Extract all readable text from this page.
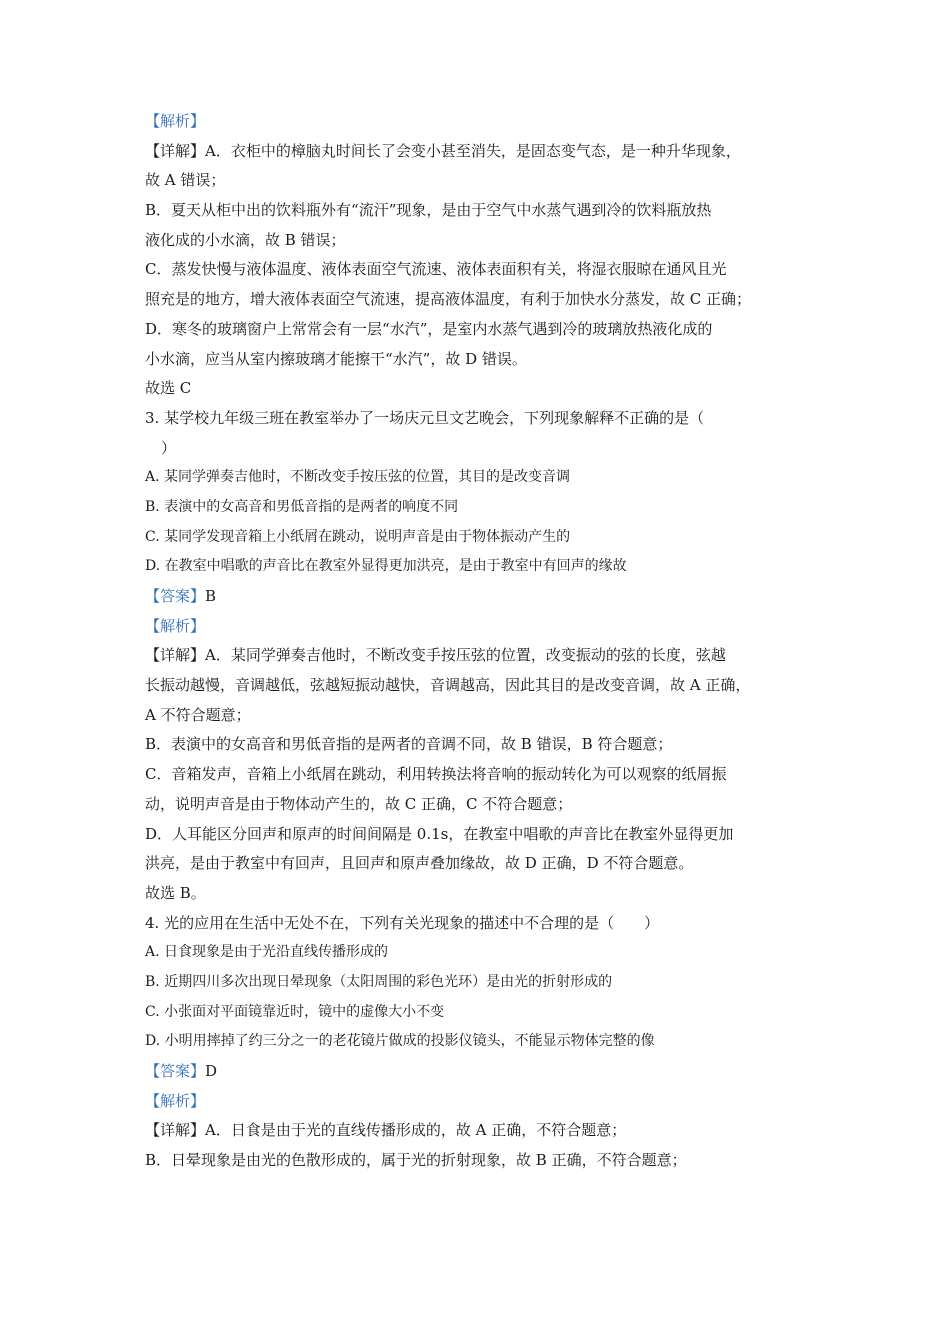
【解析】
【详解】A．衣柜中的樟脑丸时间长了会变小甚至消失，是固态变气态，是一种升华现象，
故 A 错误；
B．夏天从柜中出的饮料瓶外有“流汗”现象，是由于空气中水蒸气遇到冷的饮料瓶放热
液化成的小水滴，故 B 错误；
C．蒸发快慢与液体温度、液体表面空气流速、液体表面积有关，将湿衣服晾在通风且光
照充是的地方，增大液体表面空气流速，提高液体温度，有利于加快水分蒸发，故 C 正确；
D．寒冬的玻璃窗户上常常会有一层“水汽”，是室内水蒸气遇到冷的玻璃放热液化成的
小水滴，应当从室内擦玻璃才能擦干“水汽”，故 D 错误。
故选 C
3. 某学校九年级三班在教室举办了一场庆元旦文艺晚会，下列现象解释不正确的是（
）
A. 某同学弹奏吉他时，不断改变手按压弦的位置，其目的是改变音调
B. 表演中的女高音和男低音指的是两者的响度不同
C. 某同学发现音箱上小纸屑在跳动，说明声音是由于物体振动产生的
D. 在教室中唱歌的声音比在教室外显得更加洪亮，是由于教室中有回声的缘故
【答案】B
【解析】
【详解】A．某同学弹奏吉他时，不断改变手按压弦的位置，改变振动的弦的长度，弦越
长振动越慢，音调越低，弦越短振动越快，音调越高，因此其目的是改变音调，故 A 正确，
A 不符合题意；
B．表演中的女高音和男低音指的是两者的音调不同，故 B 错误，B 符合题意；
C．音箱发声，音箱上小纸屑在跳动，利用转换法将音响的振动转化为可以观察的纸屑振
动，说明声音是由于物体动产生的，故 C 正确，C 不符合题意；
D．人耳能区分回声和原声的时间间隔是 0.1s，在教室中唱歌的声音比在教室外显得更加
洪亮，是由于教室中有回声，且回声和原声叠加缘故，故 D 正确，D 不符合题意。
故选 B。
4. 光的应用在生活中无处不在，下列有关光现象的描述中不合理的是（　　）
A. 日食现象是由于光沿直线传播形成的
B. 近期四川多次出现日晕现象（太阳周围的彩色光环）是由光的折射形成的
C. 小张面对平面镜靠近时，镜中的虚像大小不变
D. 小明用摔掉了约三分之一的老花镜片做成的投影仪镜头，不能显示物体完整的像
【答案】D
【解析】
【详解】A．日食是由于光的直线传播形成的，故 A 正确，不符合题意；
B．日晕现象是由光的色散形成的，属于光的折射现象，故 B 正确，不符合题意；
